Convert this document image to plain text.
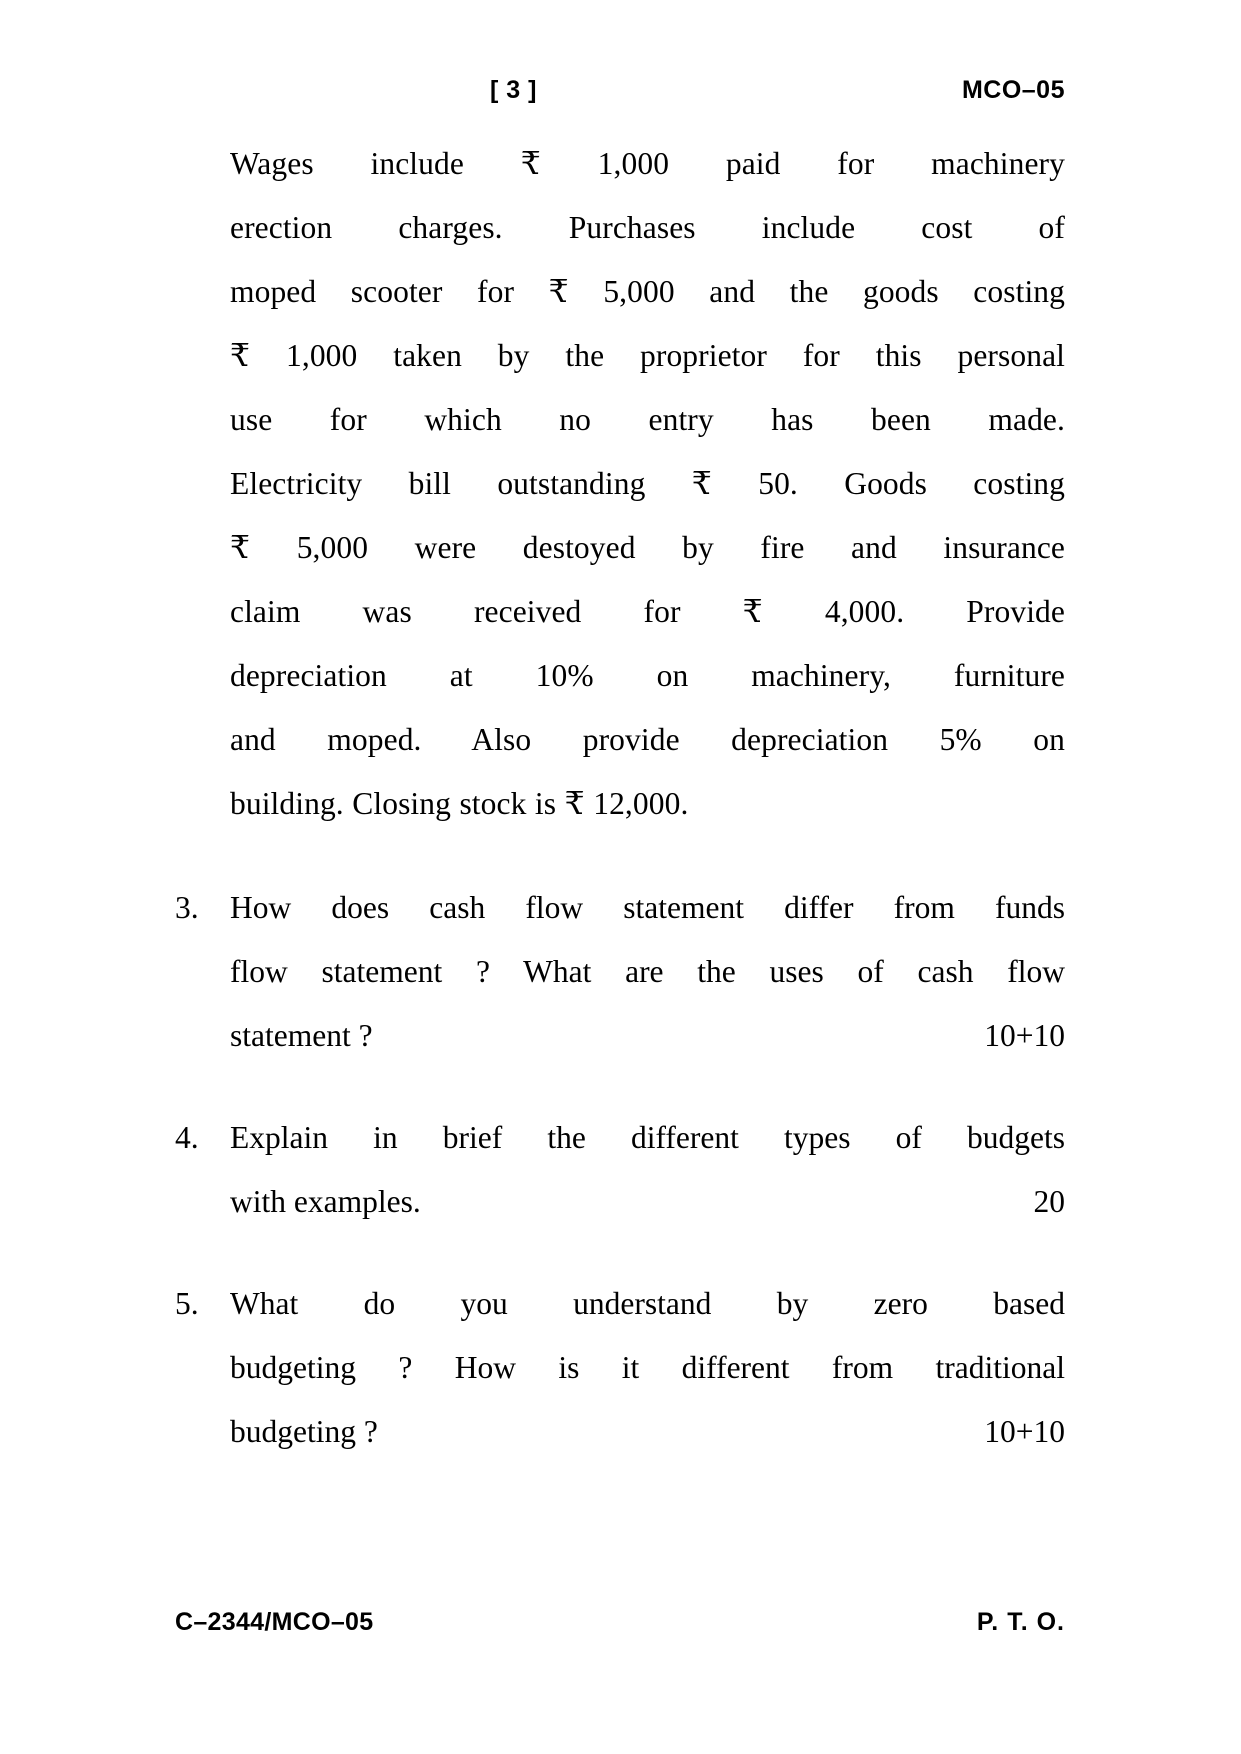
[ 3 ]	MCO–05
Wages include ₹ 1,000 paid for machinery
erection charges. Purchases include cost of
moped scooter for ₹ 5,000 and the goods costing
₹ 1,000 taken by the proprietor for this personal
use for which no entry has been made.
Electricity bill outstanding ₹ 50. Goods costing
₹ 5,000 were destoyed by fire and insurance
claim was received for ₹ 4,000. Provide
depreciation at 10% on machinery, furniture
and moped. Also provide depreciation 5% on
building. Closing stock is ₹ 12,000.
3. How does cash flow statement differ from funds
flow statement ? What are the uses of cash flow
statement ?	10+10
4. Explain in brief the different types of budgets
with examples.	20
5. What do you understand by zero based
budgeting ? How is it different from traditional
budgeting ?	10+10
C–2344/MCO–05	P. T. O.
